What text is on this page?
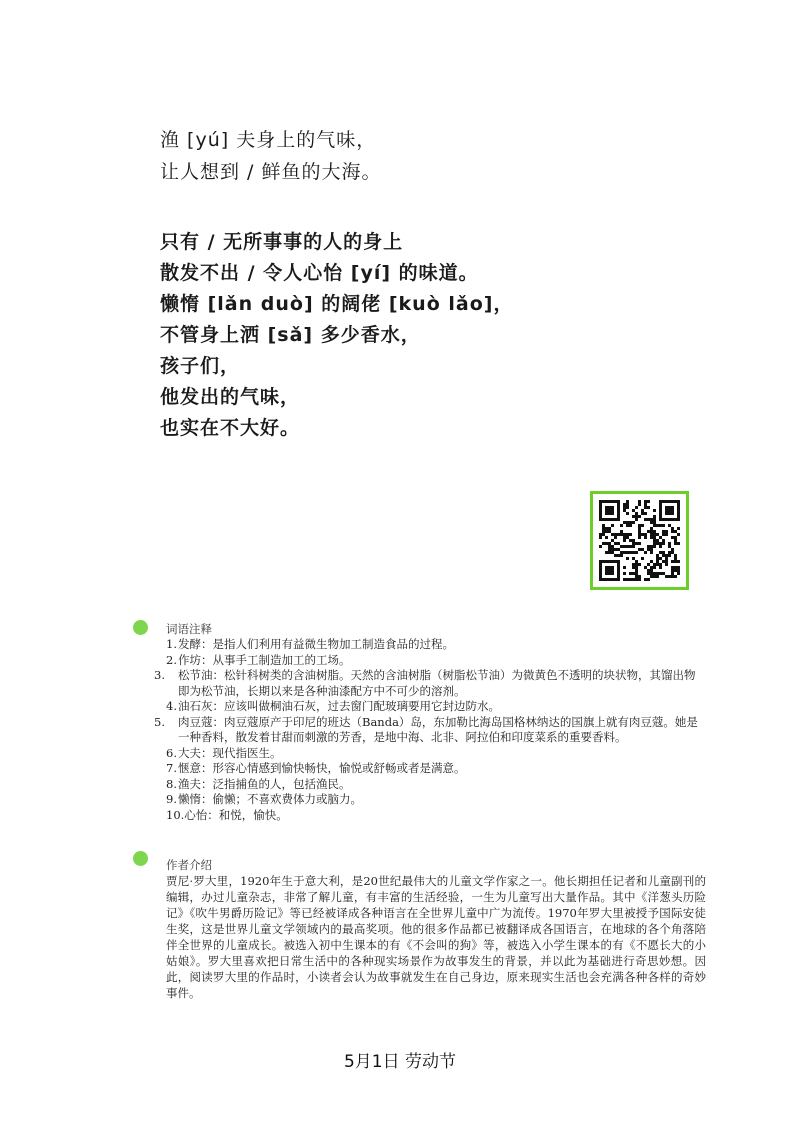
渔 [yú] 夫身上的气味，
让人想到 / 鲜鱼的大海。
只有 / 无所事事的人的身上
散发不出 / 令人心怡 [yí] 的味道。
懒惰 [lǎn duò] 的阔佬 [kuò lǎo]，
不管身上洒 [sǎ] 多少香水，
孩子们，
他发出的气味，
也实在不大好。
词语注释
1.发酵：是指人们利用有益微生物加工制造食品的过程。
2.作坊：从事手工制造加工的工场。
3. 松节油：松针科树类的含油树脂。天然的含油树脂（树脂松节油）为微黄色不透明的块状物，其馏出物即为松节油，长期以来是各种油漆配方中不可少的溶剂。
4.油石灰：应该叫做桐油石灰，过去窗门配玻璃要用它封边防水。
5. 肉豆蔻：肉豆蔻原产于印尼的班达（Banda）岛，东加勒比海岛国格林纳达的国旗上就有肉豆蔻。她是一种香料，散发着甘甜而刺激的芳香，是地中海、北非、阿拉伯和印度菜系的重要香料。
6.大夫：现代指医生。
7.惬意：形容心情感到愉快畅快，愉悦或舒畅或者是满意。
8.渔夫：泛指捕鱼的人，包括渔民。
9.懒惰：偷懒；不喜欢费体力或脑力。
10.心怡：和悦，愉快。
作者介绍
贾尼·罗大里，1920年生于意大利，是20世纪最伟大的儿童文学作家之一。他长期担任记者和儿童副刊的编辑，办过儿童杂志，非常了解儿童，有丰富的生活经验，一生为儿童写出大量作品。其中《洋葱头历险记》《吹牛男爵历险记》等已经被译成各种语言在全世界儿童中广为流传。1970年罗大里被授予国际安徒生奖，这是世界儿童文学领域内的最高奖项。他的很多作品都已被翻译成各国语言，在地球的各个角落陪伴全世界的儿童成长。被选入初中生课本的有《不会叫的狗》等，被选入小学生课本的有《不愿长大的小姑娘》。罗大里喜欢把日常生活中的各种现实场景作为故事发生的背景，并以此为基础进行奇思妙想。因此，阅读罗大里的作品时，小读者会认为故事就发生在自己身边，原来现实生活也会充满各种各样的奇妙事件。
5月1日 劳动节
